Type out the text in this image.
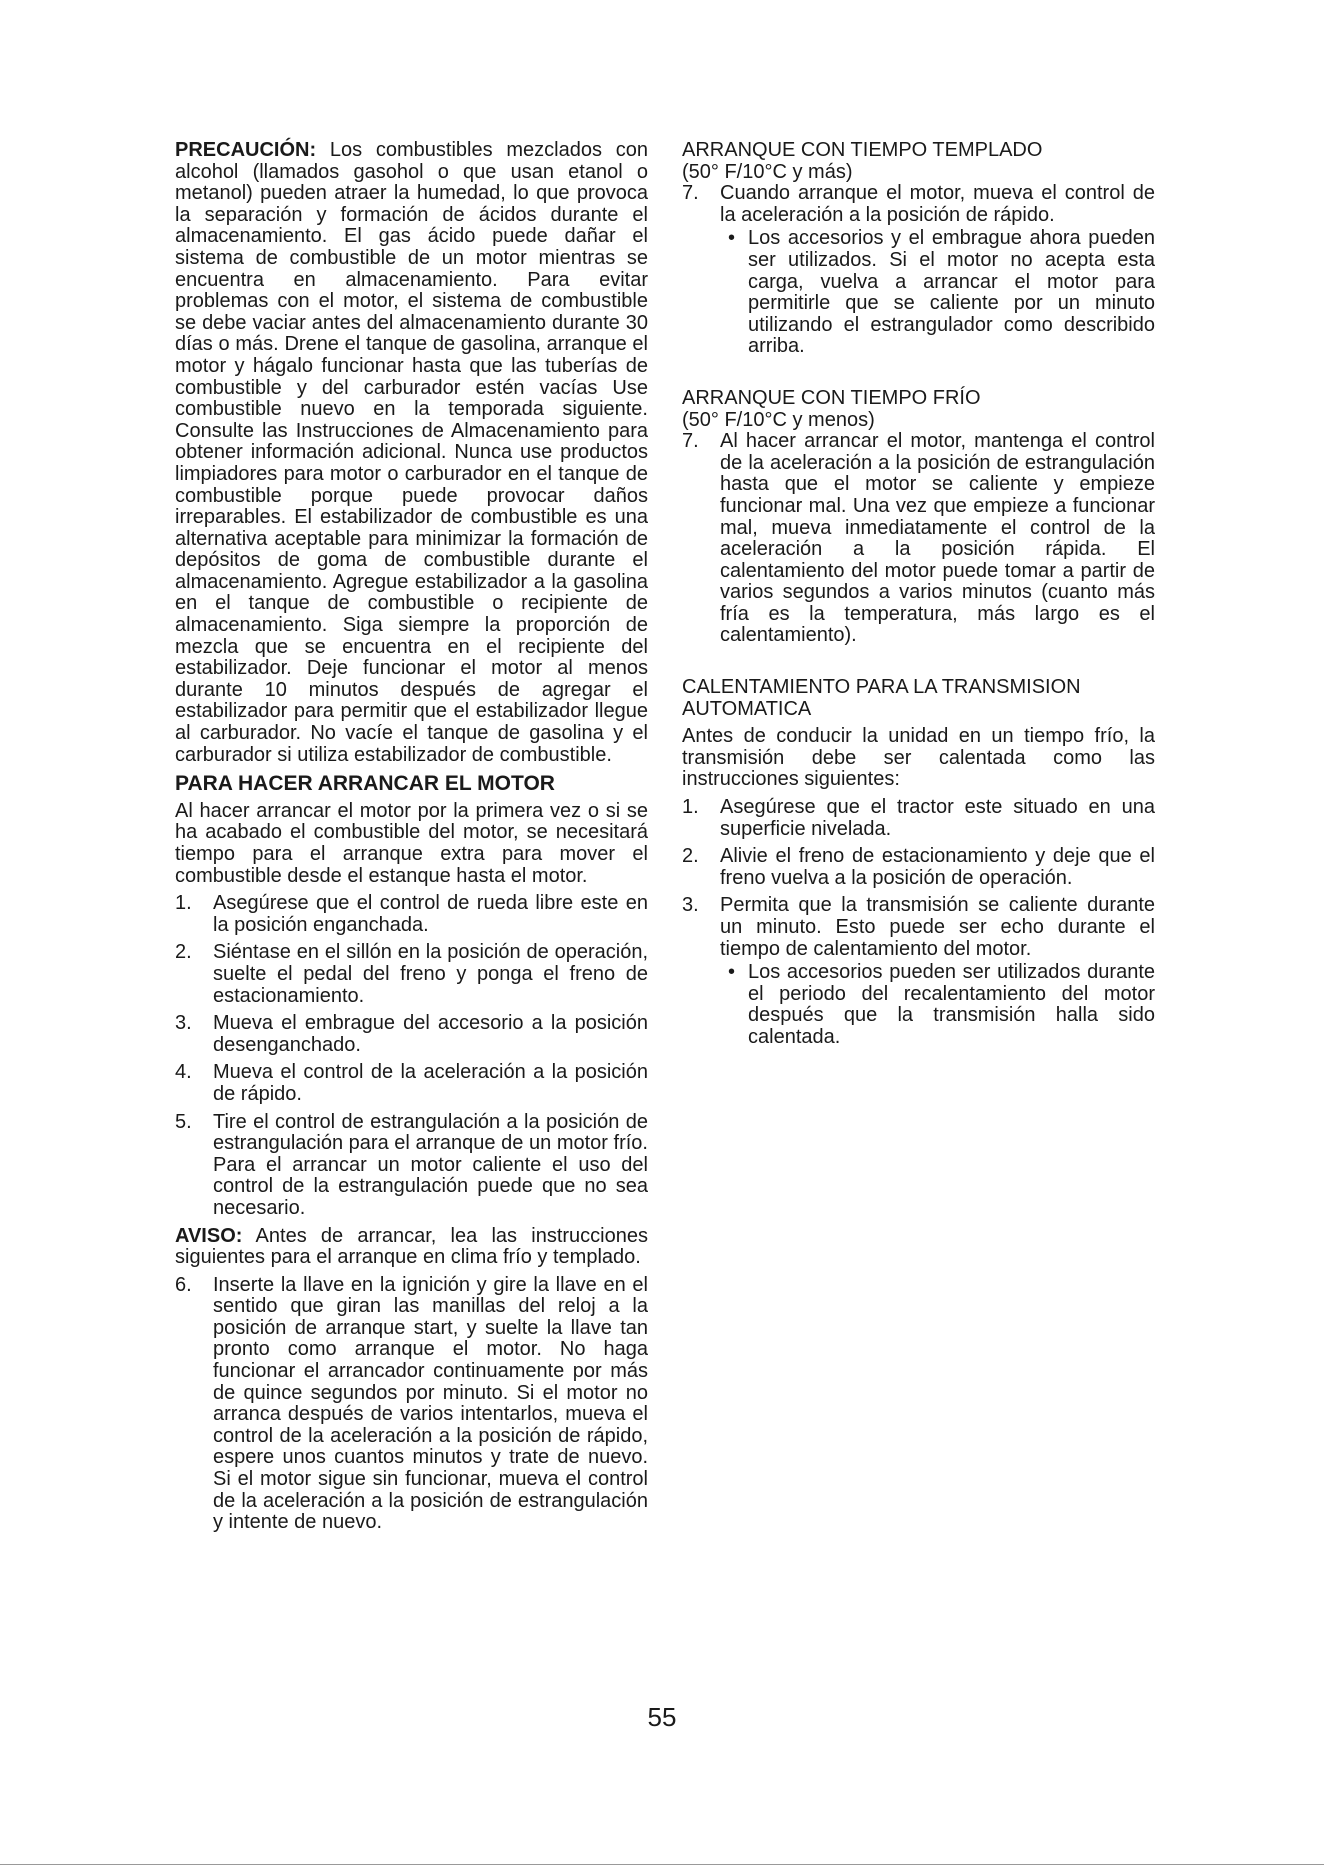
PRECAUCIÓN: Los combustibles mezclados con alcohol (llamados gasohol o que usan etanol o metanol) pueden atraer la humedad, lo que provoca la separación y formación de ácidos durante el almacenamiento. El gas ácido puede dañar el sistema de combustible de un motor mientras se encuentra en almacenamiento. Para evitar problemas con el motor, el sistema de combustible se debe vaciar antes del almacenamiento durante 30 días o más. Drene el tanque de gasolina, arranque el motor y hágalo funcionar hasta que las tuberías de combustible y del carburador estén vacías Use combustible nuevo en la temporada siguiente. Consulte las Instrucciones de Almacenamiento para obtener información adicional. Nunca use productos limpiadores para motor o carburador en el tanque de combustible porque puede provocar daños irreparables. El estabilizador de combustible es una alternativa aceptable para minimizar la formación de depósitos de goma de combustible durante el almacenamiento. Agregue estabilizador a la gasolina en el tanque de combustible o recipiente de almacenamiento. Siga siempre la proporción de mezcla que se encuentra en el recipiente del estabilizador. Deje funcionar el motor al menos durante 10 minutos después de agregar el estabilizador para permitir que el estabilizador llegue al carburador. No vacíe el tanque de gasolina y el carburador si utiliza estabilizador de combustible.

PARA HACER ARRANCAR EL MOTOR

Al hacer arrancar el motor por la primera vez o si se ha acabado el combustible del motor, se necesitará tiempo para el arranque extra para mover el combustible desde el estanque hasta el motor.

1. Asegúrese que el control de rueda libre este en la posición enganchada.
2. Siéntase en el sillón en la posición de operación, suelte el pedal del freno y ponga el freno de estacionamiento.
3. Mueva el embrague del accesorio a la posición desenganchado.
4. Mueva el control de la aceleración a la posición de rápido.
5. Tire el control de estrangulación a la posición de estrangulación para el arranque de un motor frío. Para el arrancar un motor caliente el uso del control de la estrangulación puede que no sea necesario.

AVISO: Antes de arrancar, lea las instrucciones siguientes para el arranque en clima frío y templado.

6. Inserte la llave en la ignición y gire la llave en el sentido que giran las manillas del reloj a la posición de arranque start, y suelte la llave tan pronto como arranque el motor. No haga funcionar el arrancador continuamente por más de quince segundos por minuto. Si el motor no arranca después de varios intentarlos, mueva el control de la aceleración a la posición de rápido, espere unos cuantos minutos y trate de nuevo. Si el motor sigue sin funcionar, mueva el control de la aceleración a la posición de estrangulación y intente de nuevo.
ARRANQUE CON TIEMPO TEMPLADO
(50° F/10°C y más)
7. Cuando arranque el motor, mueva el control de la aceleración a la posición de rápido.
• Los accesorios y el embrague ahora pueden ser utilizados. Si el motor no acepta esta carga, vuelva a arrancar el motor para permitirle que se caliente por un minuto utilizando el estrangulador como describido arriba.
ARRANQUE CON TIEMPO FRÍO
(50° F/10°C y menos)
7. Al hacer arrancar el motor, mantenga el control de la aceleración a la posición de estrangulación hasta que el motor se caliente y empieze funcionar mal. Una vez que empieze a funcionar mal, mueva inmediatamente el control de la aceleración a la posición rápida. El calentamiento del motor puede tomar a partir de varios segundos a varios minutos (cuanto más fría es la temperatura, más largo es el calentamiento).
CALENTAMIENTO PARA LA TRANSMISION
AUTOMATICA

Antes de conducir la unidad en un tiempo frío, la transmisión debe ser calentada como las instrucciones siguientes:

1. Asegúrese que el tractor este situado en una superficie nivelada.
2. Alivie el freno de estacionamiento y deje que el freno vuelva a la posición de operación.
3. Permita que la transmisión se caliente durante un minuto. Esto puede ser echo durante el tiempo de calentamiento del motor.
• Los accesorios pueden ser utilizados durante el periodo del recalentamiento del motor después que la transmisión halla sido calentada.
55
